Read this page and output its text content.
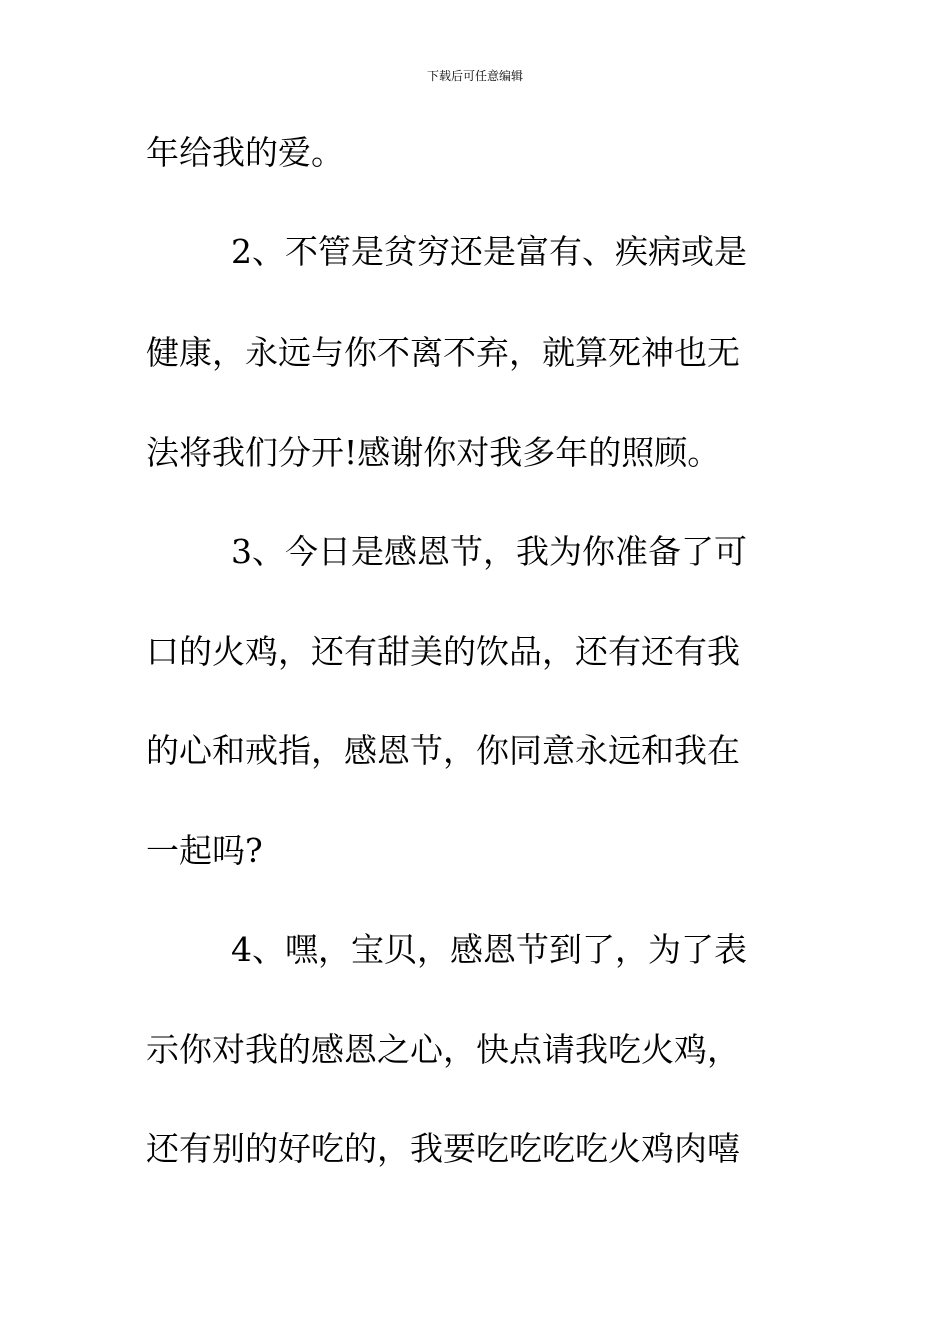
下载后可任意编辑
年给我的爱。
2、不管是贫穷还是富有、疾病或是
健康，永远与你不离不弃，就算死神也无
法将我们分开!感谢你对我多年的照顾。
3、今日是感恩节，我为你准备了可
口的火鸡，还有甜美的饮品，还有还有我
的心和戒指，感恩节，你同意永远和我在
一起吗?
4、嘿，宝贝，感恩节到了，为了表
示你对我的感恩之心，快点请我吃火鸡，
还有别的好吃的，我要吃吃吃吃火鸡肉嘻
